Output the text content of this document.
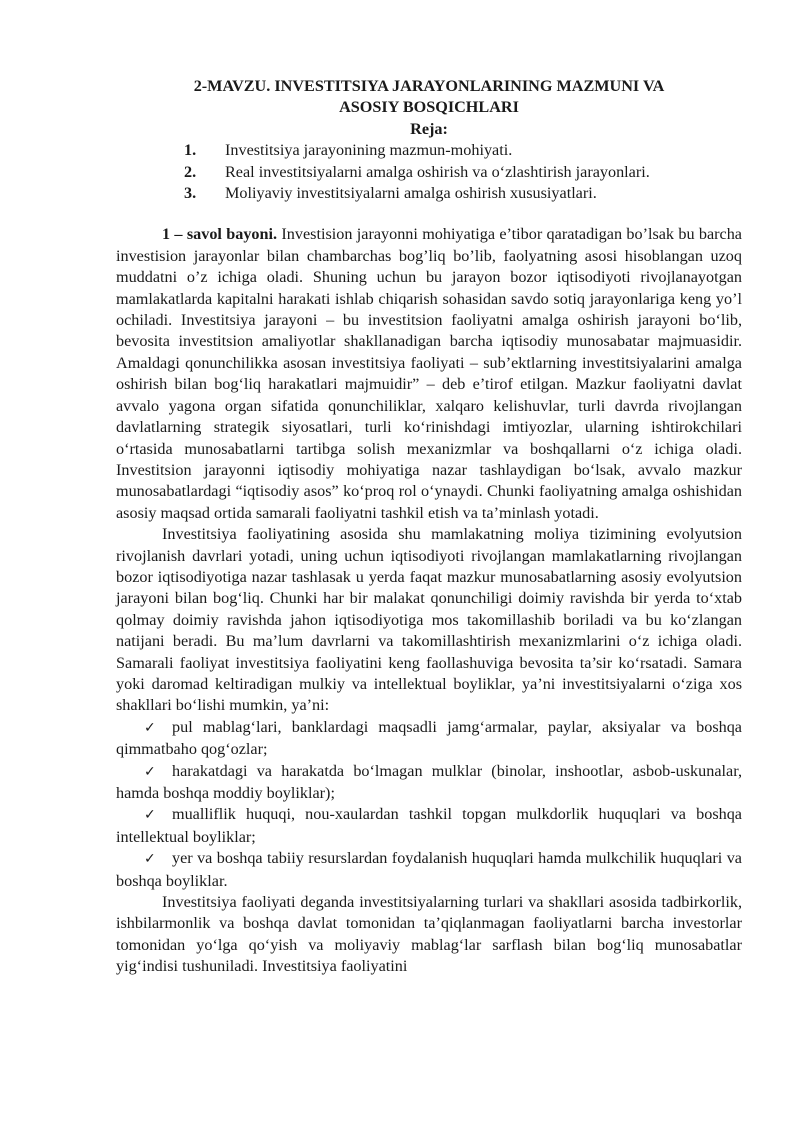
2-MAVZU. INVESTITSIYA JARAYONLARINING MAZMUNI VA
ASOSIY BOSQICHLARI
Reja:
1.	Investitsiya jarayonining mazmun-mohiyati.
2.	Real investitsiyalarni amalga oshirish va o‘zlashtirish jarayonlari.
3.	Moliyaviy investitsiyalarni amalga oshirish xususiyatlari.

1 – savol bayoni. Investision jarayonni mohiyatiga e’tibor qaratadigan bo’lsak bu barcha investision jarayonlar bilan chambarchas bog’liq bo’lib, faolyatning asosi hisoblangan uzoq muddatni o’z ichiga oladi. Shuning uchun bu jarayon bozor iqtisodiyoti rivojlanayotgan mamlakatlarda kapitalni harakati ishlab chiqarish sohasidan savdo sotiq jarayonlariga keng yo’l ochiladi. Investitsiya jarayoni – bu investitsion faoliyatni amalga oshirish jarayoni bo‘lib, bevosita investitsion amaliyotlar shakllanadigan barcha iqtisodiy munosabatar majmuasidir. Amaldagi qonunchilikka asosan investitsiya faoliyati – sub’ektlarning investitsiyalarini amalga oshirish bilan bog‘liq harakatlari majmuidir” – deb e’tirof etilgan. Mazkur faoliyatni davlat avvalo yagona organ sifatida qonunchiliklar, xalqaro kelishuvlar, turli davrda rivojlangan davlatlarning strategik siyosatlari, turli ko‘rinishdagi imtiyozlar, ularning ishtirokchilari o‘rtasida munosabatlarni tartibga solish mexanizmlar va boshqallarni o‘z ichiga oladi. Investitsion jarayonni iqtisodiy mohiyatiga nazar tashlaydigan bo‘lsak, avvalo mazkur munosabatlardagi “iqtisodiy asos” ko‘proq rol o‘ynaydi. Chunki faoliyatning amalga oshishidan asosiy maqsad ortida samarali faoliyatni tashkil etish va ta’minlash yotadi.

Investitsiya faoliyatining asosida shu mamlakatning moliya tizimining evolyutsion rivojlanish davrlari yotadi, uning uchun iqtisodiyoti rivojlangan mamlakatlarning rivojlangan bozor iqtisodiyotiga nazar tashlasak u yerda faqat mazkur munosabatlarning asosiy evolyutsion jarayoni bilan bog‘liq. Chunki har bir malakat qonunchiligi doimiy ravishda bir yerda to‘xtab qolmay doimiy ravishda jahon iqtisodiyotiga mos takomillashib boriladi va bu ko‘zlangan natijani beradi. Bu ma’lum davrlarni va takomillashtirish mexanizmlarini o‘z ichiga oladi. Samarali faoliyat investitsiya faoliyatini keng faollashuviga bevosita ta’sir ko‘rsatadi. Samara yoki daromad keltiradigan mulkiy va intellektual boyliklar, ya’ni investitsiyalarni o‘ziga xos shakllari bo‘lishi mumkin, ya’ni:

✓ pul mablag‘lari, banklardagi maqsadli jamg‘armalar, paylar, aksiyalar va boshqa qimmatbaho qog‘ozlar;

✓ harakatdagi va harakatda bo‘lmagan mulklar (binolar, inshootlar, asbob-uskunalar, hamda boshqa moddiy boyliklar);

✓ mualliflik huquqi, nou-xaulardan tashkil topgan mulkdorlik huquqlari va boshqa intellektual boyliklar;

✓ yer va boshqa tabiiy resurslardan foydalanish huquqlari hamda mulkchilik huquqlari va boshqa boyliklar.

Investitsiya faoliyati deganda investitsiyalarning turlari va shakllari asosida tadbirkorlik, ishbilarmonlik va boshqa davlat tomonidan ta’qiqlanmagan faoliyatlarni barcha investorlar tomonidan yo‘lga qo‘yish va moliyaviy mablag‘lar sarflash bilan bog‘liq munosabatlar yig‘indisi tushuniladi. Investitsiya faoliyatini
